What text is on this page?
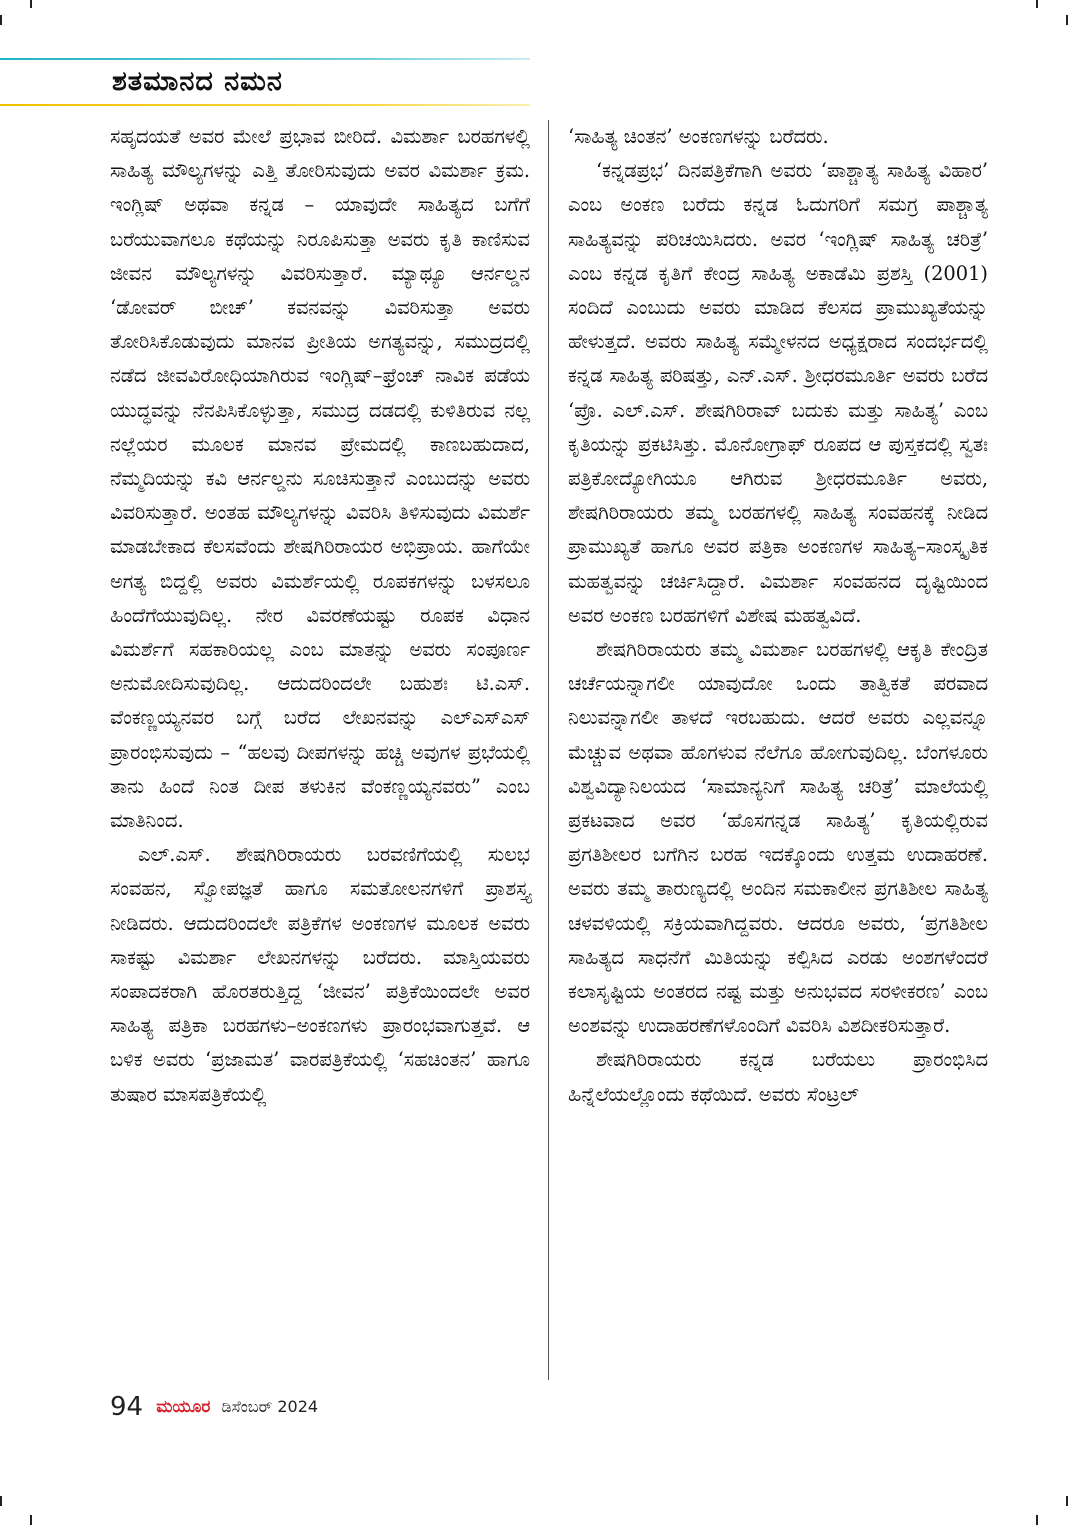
ಶತಮಾನದ ನಮನ

ಸಹೃದಯತೆ ಅವರ ಮೇಲೆ ಪ್ರಭಾವ ಬೀರಿದೆ. ವಿಮರ್ಶಾ ಬರಹಗಳಲ್ಲಿ ಸಾಹಿತ್ಯ ಮೌಲ್ಯಗಳನ್ನು ಎತ್ತಿ ತೋರಿಸುವುದು ಅವರ ವಿಮರ್ಶಾ ಕ್ರಮ. ಇಂಗ್ಲಿಷ್ ಅಥವಾ ಕನ್ನಡ – ಯಾವುದೇ ಸಾಹಿತ್ಯದ ಬಗೆಗೆ ಬರೆಯುವಾಗಲೂ ಕಥೆಯನ್ನು ನಿರೂಪಿಸುತ್ತಾ ಅವರು ಕೃತಿ ಕಾಣಿಸುವ ಜೀವನ ಮೌಲ್ಯಗಳನ್ನು ವಿವರಿಸುತ್ತಾರೆ. ಮ್ಯಾಥ್ಯೂ ಆರ್ನಲ್ಡನ ‘ಡೋವರ್ ಬೀಚ್’ ಕವನವನ್ನು ವಿವರಿಸುತ್ತಾ ಅವರು ತೋರಿಸಿಕೊಡುವುದು ಮಾನವ ಪ್ರೀತಿಯ ಅಗತ್ಯವನ್ನು, ಸಮುದ್ರದಲ್ಲಿ ನಡೆದ ಜೀವವಿರೋಧಿಯಾಗಿರುವ ಇಂಗ್ಲಿಷ್–ಫ್ರೆಂಚ್ ನಾವಿಕ ಪಡೆಯ ಯುದ್ಧವನ್ನು ನೆನಪಿಸಿಕೊಳ್ಳುತ್ತಾ, ಸಮುದ್ರ ದಡದಲ್ಲಿ ಕುಳಿತಿರುವ ನಲ್ಲ ನಲ್ಲೆಯರ ಮೂಲಕ ಮಾನವ ಪ್ರೇಮದಲ್ಲಿ ಕಾಣಬಹುದಾದ, ನೆಮ್ಮದಿಯನ್ನು ಕವಿ ಆರ್ನಲ್ಡನು ಸೂಚಿಸುತ್ತಾನೆ ಎಂಬುದನ್ನು ಅವರು ವಿವರಿಸುತ್ತಾರೆ. ಅಂತಹ ಮೌಲ್ಯಗಳನ್ನು ವಿವರಿಸಿ ತಿಳಿಸುವುದು ವಿಮರ್ಶೆ ಮಾಡಬೇಕಾದ ಕೆಲಸವೆಂದು ಶೇಷಗಿರಿರಾಯರ ಅಭಿಪ್ರಾಯ. ಹಾಗೆಯೇ ಅಗತ್ಯ ಬಿದ್ದಲ್ಲಿ ಅವರು ವಿಮರ್ಶೆಯಲ್ಲಿ ರೂಪಕಗಳನ್ನು ಬಳಸಲೂ ಹಿಂದೆಗೆಯುವುದಿಲ್ಲ. ನೇರ ವಿವರಣೆಯಷ್ಟು ರೂಪಕ ವಿಧಾನ ವಿಮರ್ಶೆಗೆ ಸಹಕಾರಿಯಲ್ಲ ಎಂಬ ಮಾತನ್ನು ಅವರು ಸಂಪೂರ್ಣ ಅನುಮೋದಿಸುವುದಿಲ್ಲ. ಆದುದರಿಂದಲೇ ಬಹುಶಃ ಟಿ.ಎಸ್. ವೆಂಕಣ್ಣಯ್ಯನವರ ಬಗ್ಗೆ ಬರೆದ ಲೇಖನವನ್ನು ಎಲ್ಎಸ್ಎಸ್ ಪ್ರಾರಂಭಿಸುವುದು – “ಹಲವು ದೀಪಗಳನ್ನು ಹಚ್ಚಿ ಅವುಗಳ ಪ್ರಭೆಯಲ್ಲಿ ತಾನು ಹಿಂದೆ ನಿಂತ ದೀಪ ತಳುಕಿನ ವೆಂಕಣ್ಣಯ್ಯನವರು” ಎಂಬ ಮಾತಿನಿಂದ.

ಎಲ್.ಎಸ್. ಶೇಷಗಿರಿರಾಯರು ಬರವಣಿಗೆಯಲ್ಲಿ ಸುಲಭ ಸಂವಹನ, ಸ್ವೋಪಜ್ಞತೆ ಹಾಗೂ ಸಮತೋಲನಗಳಿಗೆ ಪ್ರಾಶಸ್ತ್ಯ ನೀಡಿದರು. ಆದುದರಿಂದಲೇ ಪತ್ರಿಕೆಗಳ ಅಂಕಣಗಳ ಮೂಲಕ ಅವರು ಸಾಕಷ್ಟು ವಿಮರ್ಶಾ ಲೇಖನಗಳನ್ನು ಬರೆದರು. ಮಾಸ್ತಿಯವರು ಸಂಪಾದಕರಾಗಿ ಹೊರತರುತ್ತಿದ್ದ ‘ಜೀವನ’ ಪತ್ರಿಕೆಯಿಂದಲೇ ಅವರ ಸಾಹಿತ್ಯ ಪತ್ರಿಕಾ ಬರಹಗಳು–ಅಂಕಣಗಳು ಪ್ರಾರಂಭವಾಗುತ್ತವೆ. ಆ ಬಳಿಕ ಅವರು ‘ಪ್ರಜಾಮತ’ ವಾರಪತ್ರಿಕೆಯಲ್ಲಿ ‘ಸಹಚಿಂತನ’ ಹಾಗೂ ತುಷಾರ ಮಾಸಪತ್ರಿಕೆಯಲ್ಲಿ

‘ಸಾಹಿತ್ಯ ಚಿಂತನ’ ಅಂಕಣಗಳನ್ನು ಬರೆದರು.

‘ಕನ್ನಡಪ್ರಭ’ ದಿನಪತ್ರಿಕೆಗಾಗಿ ಅವರು ‘ಪಾಶ್ಚಾತ್ಯ ಸಾಹಿತ್ಯ ವಿಹಾರ’ ಎಂಬ ಅಂಕಣ ಬರೆದು ಕನ್ನಡ ಓದುಗರಿಗೆ ಸಮಗ್ರ ಪಾಶ್ಚಾತ್ಯ ಸಾಹಿತ್ಯವನ್ನು ಪರಿಚಯಿಸಿದರು. ಅವರ ‘ಇಂಗ್ಲಿಷ್ ಸಾಹಿತ್ಯ ಚರಿತ್ರೆ’ ಎಂಬ ಕನ್ನಡ ಕೃತಿಗೆ ಕೇಂದ್ರ ಸಾಹಿತ್ಯ ಅಕಾಡೆಮಿ ಪ್ರಶಸ್ತಿ (2001) ಸಂದಿದೆ ಎಂಬುದು ಅವರು ಮಾಡಿದ ಕೆಲಸದ ಪ್ರಾಮುಖ್ಯತೆಯನ್ನು ಹೇಳುತ್ತದೆ. ಅವರು ಸಾಹಿತ್ಯ ಸಮ್ಮೇಳನದ ಅಧ್ಯಕ್ಷರಾದ ಸಂದರ್ಭದಲ್ಲಿ ಕನ್ನಡ ಸಾಹಿತ್ಯ ಪರಿಷತ್ತು, ಎನ್.ಎಸ್. ಶ್ರೀಧರಮೂರ್ತಿ ಅವರು ಬರೆದ ‘ಪ್ರೊ. ಎಲ್.ಎಸ್. ಶೇಷಗಿರಿರಾವ್ ಬದುಕು ಮತ್ತು ಸಾಹಿತ್ಯ’ ಎಂಬ ಕೃತಿಯನ್ನು ಪ್ರಕಟಿಸಿತ್ತು. ಮೊನೋಗ್ರಾಫ್ ರೂಪದ ಆ ಪುಸ್ತಕದಲ್ಲಿ ಸ್ವತಃ ಪತ್ರಿಕೋದ್ಯೋಗಿಯೂ ಆಗಿರುವ ಶ್ರೀಧರಮೂರ್ತಿ ಅವರು, ಶೇಷಗಿರಿರಾಯರು ತಮ್ಮ ಬರಹಗಳಲ್ಲಿ ಸಾಹಿತ್ಯ ಸಂವಹನಕ್ಕೆ ನೀಡಿದ ಪ್ರಾಮುಖ್ಯತೆ ಹಾಗೂ ಅವರ ಪತ್ರಿಕಾ ಅಂಕಣಗಳ ಸಾಹಿತ್ಯ–ಸಾಂಸ್ಕೃತಿಕ ಮಹತ್ವವನ್ನು ಚರ್ಚಿಸಿದ್ದಾರೆ. ವಿಮರ್ಶಾ ಸಂವಹನದ ದೃಷ್ಟಿಯಿಂದ ಅವರ ಅಂಕಣ ಬರಹಗಳಿಗೆ ವಿಶೇಷ ಮಹತ್ವವಿದೆ.

ಶೇಷಗಿರಿರಾಯರು ತಮ್ಮ ವಿಮರ್ಶಾ ಬರಹಗಳಲ್ಲಿ ಆಕೃತಿ ಕೇಂದ್ರಿತ ಚರ್ಚೆಯನ್ನಾಗಲೀ ಯಾವುದೋ ಒಂದು ತಾತ್ವಿಕತೆ ಪರವಾದ ನಿಲುವನ್ನಾಗಲೀ ತಾಳದೆ ಇರಬಹುದು. ಆದರೆ ಅವರು ಎಲ್ಲವನ್ನೂ ಮೆಚ್ಚುವ ಅಥವಾ ಹೊಗಳುವ ನೆಲೆಗೂ ಹೋಗುವುದಿಲ್ಲ. ಬೆಂಗಳೂರು ವಿಶ್ವವಿದ್ಯಾನಿಲಯದ ‘ಸಾಮಾನ್ಯನಿಗೆ ಸಾಹಿತ್ಯ ಚರಿತ್ರೆ’ ಮಾಲೆಯಲ್ಲಿ ಪ್ರಕಟವಾದ ಅವರ ‘ಹೊಸಗನ್ನಡ ಸಾಹಿತ್ಯ’ ಕೃತಿಯಲ್ಲಿರುವ ಪ್ರಗತಿಶೀಲರ ಬಗೆಗಿನ ಬರಹ ಇದಕ್ಕೊಂದು ಉತ್ತಮ ಉದಾಹರಣೆ. ಅವರು ತಮ್ಮ ತಾರುಣ್ಯದಲ್ಲಿ ಅಂದಿನ ಸಮಕಾಲೀನ ಪ್ರಗತಿಶೀಲ ಸಾಹಿತ್ಯ ಚಳವಳಿಯಲ್ಲಿ ಸಕ್ರಿಯವಾಗಿದ್ದವರು. ಆದರೂ ಅವರು, ‘ಪ್ರಗತಿಶೀಲ ಸಾಹಿತ್ಯದ ಸಾಧನೆಗೆ ಮಿತಿಯನ್ನು ಕಲ್ಪಿಸಿದ ಎರಡು ಅಂಶಗಳೆಂದರೆ ಕಲಾಸೃಷ್ಟಿಯ ಅಂತರದ ನಷ್ಟ ಮತ್ತು ಅನುಭವದ ಸರಳೀಕರಣ’ ಎಂಬ ಅಂಶವನ್ನು ಉದಾಹರಣೆಗಳೊಂದಿಗೆ ವಿವರಿಸಿ ವಿಶದೀಕರಿಸುತ್ತಾರೆ.

ಶೇಷಗಿರಿರಾಯರು ಕನ್ನಡ ಬರೆಯಲು ಪ್ರಾರಂಭಿಸಿದ ಹಿನ್ನೆಲೆಯಲ್ಲೊಂದು ಕಥೆಯಿದೆ. ಅವರು ಸೆಂಟ್ರಲ್

94 ಮಯೂರ ಡಿಸೆಂಬರ್ 2024
